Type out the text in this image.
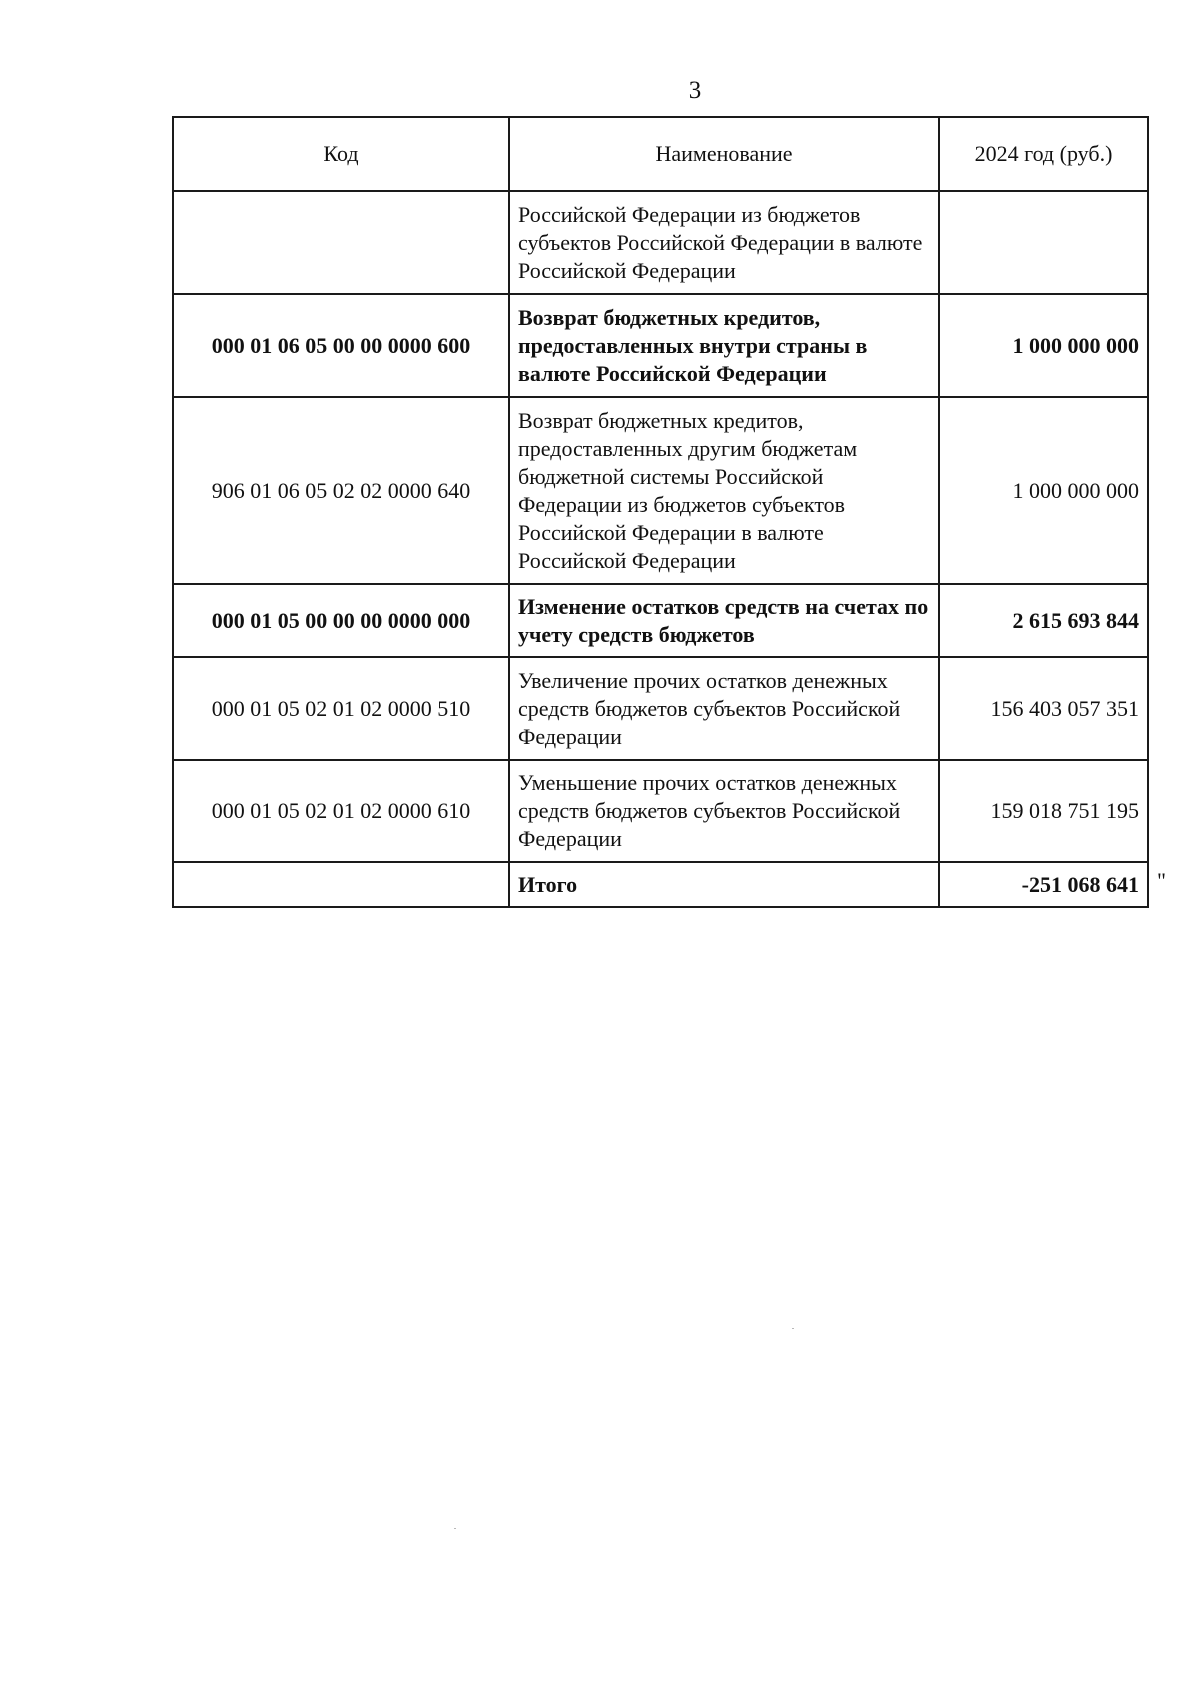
3
Код	Наименование	2024 год (руб.)
	Российской Федерации из бюджетов субъектов Российской Федерации в валюте Российской Федерации	
000 01 06 05 00 00 0000 600	Возврат бюджетных кредитов, предоставленных внутри страны в валюте Российской Федерации	1 000 000 000
906 01 06 05 02 02 0000 640	Возврат бюджетных кредитов, предоставленных другим бюджетам бюджетной системы Российской Федерации из бюджетов субъектов Российской Федерации в валюте Российской Федерации	1 000 000 000
000 01 05 00 00 00 0000 000	Изменение остатков средств на счетах по учету средств бюджетов	2 615 693 844
000 01 05 02 01 02 0000 510	Увеличение прочих остатков денежных средств бюджетов субъектов Российской Федерации	156 403 057 351
000 01 05 02 01 02 0000 610	Уменьшение прочих остатков денежных средств бюджетов субъектов Российской Федерации	159 018 751 195
	Итого	-251 068 641 "
